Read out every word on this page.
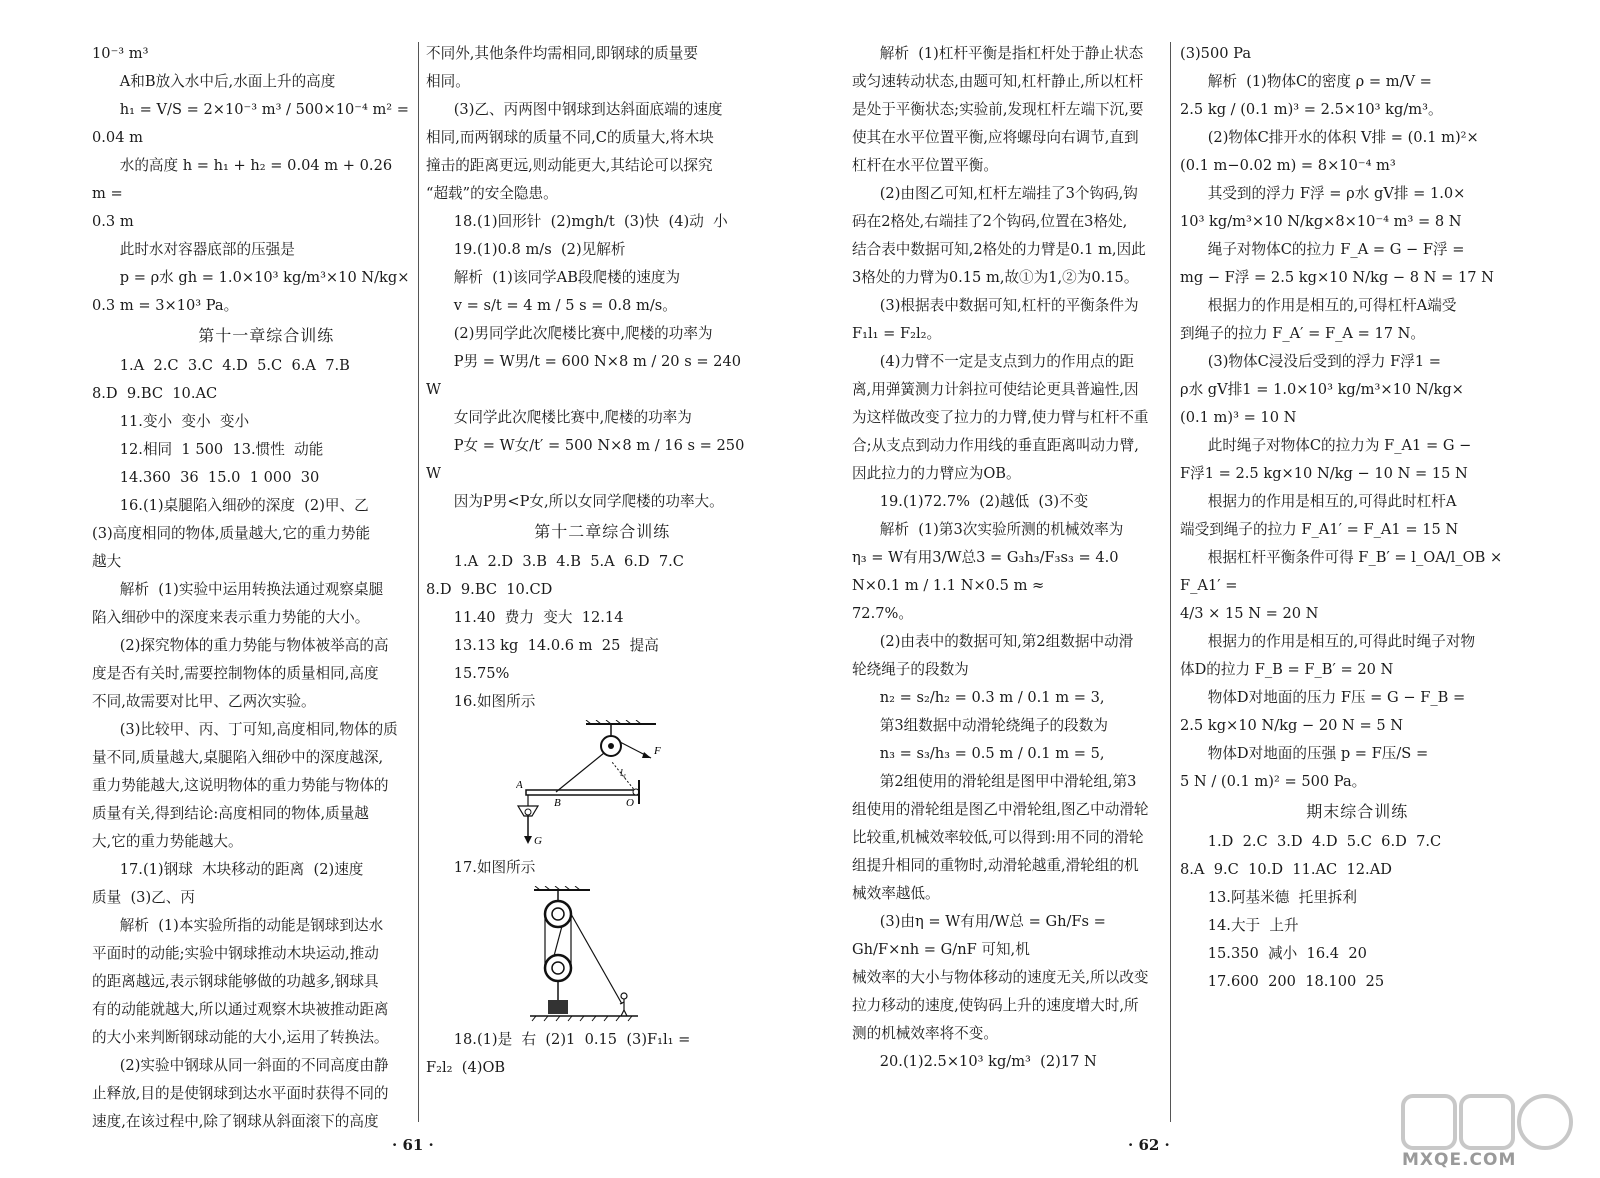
10⁻³ m³

A和B放入水中后,水面上升的高度

h₁ = V/S = 2×10⁻³ m³ / 500×10⁻⁴ m² = 0.04 m

水的高度 h = h₁ + h₂ = 0.04 m + 0.26 m =

0.3 m

此时水对容器底部的压强是

p = ρ水 gh = 1.0×10³ kg/m³×10 N/kg×

0.3 m = 3×10³ Pa。

第十一章综合训练

1.A  2.C  3.C  4.D  5.C  6.A  7.B

8.D  9.BC  10.AC

11.变小  变小  变小

12.相同  1 500  13.惯性  动能

14.360  36  15.0  1 000  30

16.(1)桌腿陷入细砂的深度  (2)甲、乙

(3)高度相同的物体,质量越大,它的重力势能

越大

解析  (1)实验中运用转换法通过观察桌腿

陷入细砂中的深度来表示重力势能的大小。

(2)探究物体的重力势能与物体被举高的高

度是否有关时,需要控制物体的质量相同,高度

不同,故需要对比甲、乙两次实验。

(3)比较甲、丙、丁可知,高度相同,物体的质

量不同,质量越大,桌腿陷入细砂中的深度越深,

重力势能越大,这说明物体的重力势能与物体的

质量有关,得到结论:高度相同的物体,质量越

大,它的重力势能越大。

17.(1)钢球  木块移动的距离  (2)速度

质量  (3)乙、丙

解析  (1)本实验所指的动能是钢球到达水

平面时的动能;实验中钢球推动木块运动,推动

的距离越远,表示钢球能够做的功越多,钢球具

有的动能就越大,所以通过观察木块被推动距离

的大小来判断钢球动能的大小,运用了转换法。

(2)实验中钢球从同一斜面的不同高度由静

止释放,目的是使钢球到达水平面时获得不同的

速度,在该过程中,除了钢球从斜面滚下的高度

不同外,其他条件均需相同,即钢球的质量要

相同。

(3)乙、丙两图中钢球到达斜面底端的速度

相同,而两钢球的质量不同,C的质量大,将木块

撞击的距离更远,则动能更大,其结论可以探究

“超载”的安全隐患。

18.(1)回形针  (2)mgh/t  (3)快  (4)动  小

19.(1)0.8 m/s  (2)见解析

解析  (1)该同学AB段爬楼的速度为

v = s/t = 4 m / 5 s = 0.8 m/s。

(2)男同学此次爬楼比赛中,爬楼的功率为

P男 = W男/t = 600 N×8 m / 20 s = 240 W

女同学此次爬楼比赛中,爬楼的功率为

P女 = W女/t′ = 500 N×8 m / 16 s = 250 W

因为P男<P女,所以女同学爬楼的功率大。

第十二章综合训练

1.A  2.D  3.B  4.B  5.A  6.D  7.C

8.D  9.BC  10.CD

11.40  费力  变大  12.14

13.13 kg  14.0.6 m  25  提高

15.75%

16.如图所示

A
B	O
F
G
l₁

17.如图所示

18.(1)是  右  (2)1  0.15  (3)F₁l₁ =

F₂l₂  (4)OB

解析  (1)杠杆平衡是指杠杆处于静止状态

或匀速转动状态,由题可知,杠杆静止,所以杠杆

是处于平衡状态;实验前,发现杠杆左端下沉,要

使其在水平位置平衡,应将螺母向右调节,直到

杠杆在水平位置平衡。

(2)由图乙可知,杠杆左端挂了3个钩码,钩

码在2格处,右端挂了2个钩码,位置在3格处,

结合表中数据可知,2格处的力臂是0.1 m,因此

3格处的力臂为0.15 m,故①为1,②为0.15。

(3)根据表中数据可知,杠杆的平衡条件为

F₁l₁ = F₂l₂。

(4)力臂不一定是支点到力的作用点的距

离,用弹簧测力计斜拉可使结论更具普遍性,因

为这样做改变了拉力的力臂,使力臂与杠杆不重

合;从支点到动力作用线的垂直距离叫动力臂,

因此拉力的力臂应为OB。

19.(1)72.7%  (2)越低  (3)不变

解析  (1)第3次实验所测的机械效率为

η₃ = W有用3/W总3 = G₃h₃/F₃s₃ = 4.0 N×0.1 m / 1.1 N×0.5 m ≈

72.7%。

(2)由表中的数据可知,第2组数据中动滑

轮绕绳子的段数为

n₂ = s₂/h₂ = 0.3 m / 0.1 m = 3,

第3组数据中动滑轮绕绳子的段数为

n₃ = s₃/h₃ = 0.5 m / 0.1 m = 5,

第2组使用的滑轮组是图甲中滑轮组,第3

组使用的滑轮组是图乙中滑轮组,图乙中动滑轮

比较重,机械效率较低,可以得到:用不同的滑轮

组提升相同的重物时,动滑轮越重,滑轮组的机

械效率越低。

(3)由η = W有用/W总 = Gh/Fs = Gh/F×nh = G/nF 可知,机

械效率的大小与物体移动的速度无关,所以改变

拉力移动的速度,使钩码上升的速度增大时,所

测的机械效率将不变。

20.(1)2.5×10³ kg/m³  (2)17 N

(3)500 Pa

解析  (1)物体C的密度 ρ = m/V =

2.5 kg / (0.1 m)³ = 2.5×10³ kg/m³。

(2)物体C排开水的体积 V排 = (0.1 m)²×

(0.1 m−0.02 m) = 8×10⁻⁴ m³

其受到的浮力 F浮 = ρ水 gV排 = 1.0×

10³ kg/m³×10 N/kg×8×10⁻⁴ m³ = 8 N

绳子对物体C的拉力 F_A = G − F浮 =

mg − F浮 = 2.5 kg×10 N/kg − 8 N = 17 N

根据力的作用是相互的,可得杠杆A端受

到绳子的拉力 F_A′ = F_A = 17 N。

(3)物体C浸没后受到的浮力 F浮1 =

ρ水 gV排1 = 1.0×10³ kg/m³×10 N/kg×

(0.1 m)³ = 10 N

此时绳子对物体C的拉力为 F_A1 = G −

F浮1 = 2.5 kg×10 N/kg − 10 N = 15 N

根据力的作用是相互的,可得此时杠杆A

端受到绳子的拉力 F_A1′ = F_A1 = 15 N

根据杠杆平衡条件可得 F_B′ = l_OA/l_OB × F_A1′ =

4/3 × 15 N = 20 N

根据力的作用是相互的,可得此时绳子对物

体D的拉力 F_B = F_B′ = 20 N

物体D对地面的压力 F压 = G − F_B =

2.5 kg×10 N/kg − 20 N = 5 N

物体D对地面的压强 p = F压/S =

5 N / (0.1 m)² = 500 Pa。

期末综合训练

1.D  2.C  3.D  4.D  5.C  6.D  7.C

8.A  9.C  10.D  11.AC  12.AD

13.阿基米德  托里拆利

14.大于  上升

15.350  减小  16.4  20

17.600  200  18.100  25

· 61 ·	· 62 ·
MXQE.COM
